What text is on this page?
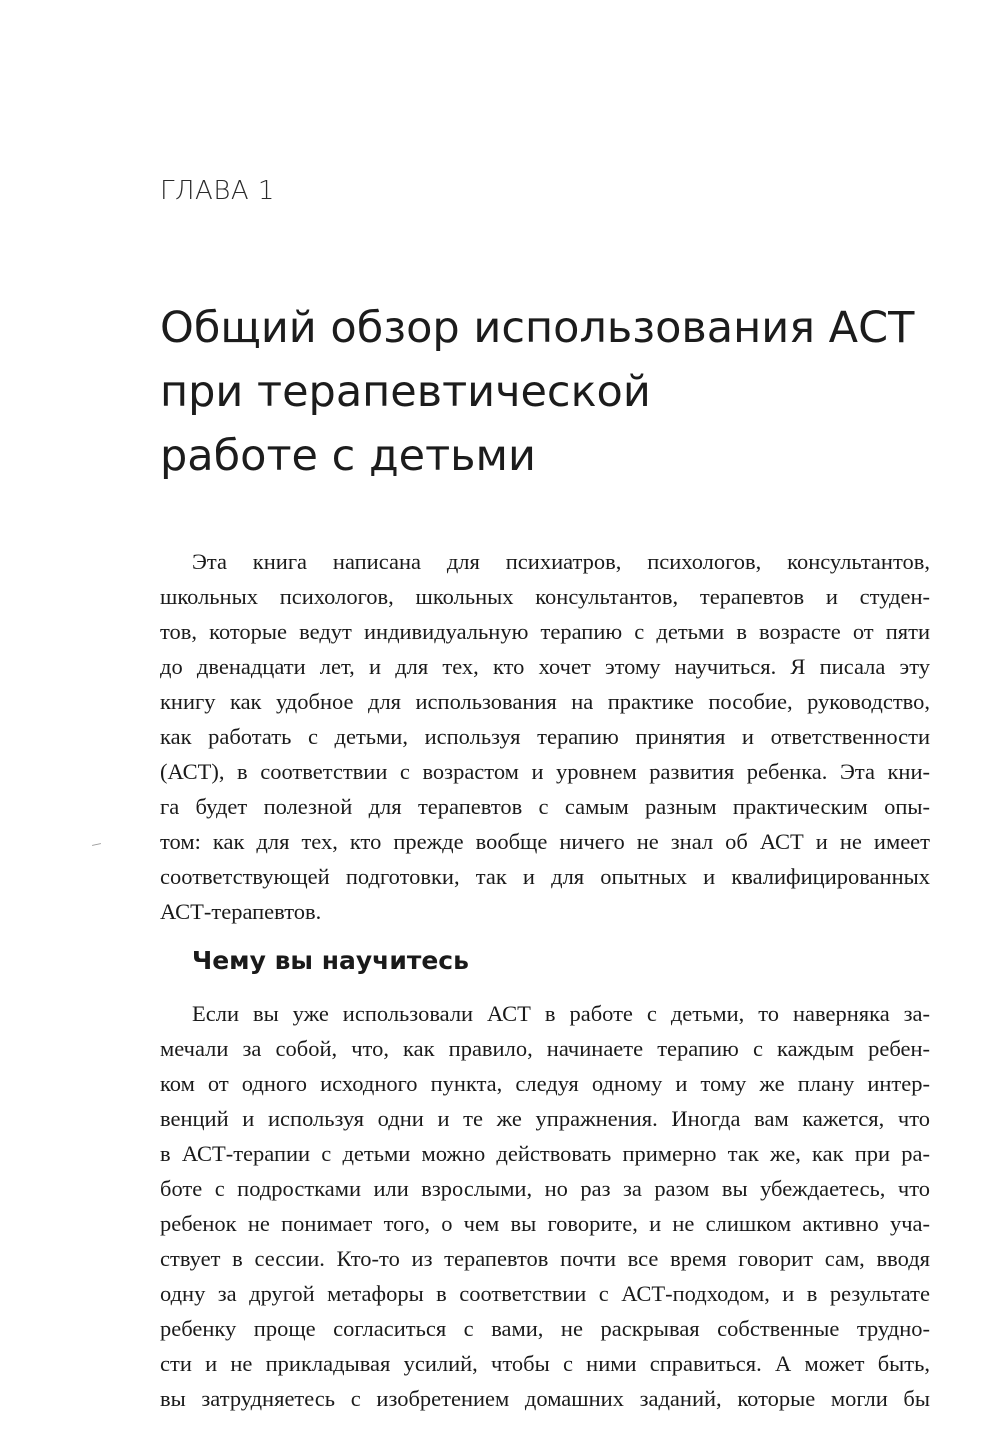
ГЛАВА 1
Общий обзор использования АСТ
при терапевтической
работе с детьми
Эта книга написана для психиатров, психологов, консультантов,
школьных психологов, школьных консультантов, терапевтов и студен-
тов, которые ведут индивидуальную терапию с детьми в возрасте от пяти
до двенадцати лет, и для тех, кто хочет этому научиться. Я писала эту
книгу как удобное для использования на практике пособие, руководство,
как работать с детьми, используя терапию принятия и ответственности
(АСТ), в соответствии с возрастом и уровнем развития ребенка. Эта кни-
га будет полезной для терапевтов с самым разным практическим опы-
том: как для тех, кто прежде вообще ничего не знал об АСТ и не имеет
соответствующей подготовки, так и для опытных и квалифицированных
АСТ-терапевтов.
Чему вы научитесь
Если вы уже использовали АСТ в работе с детьми, то наверняка за-
мечали за собой, что, как правило, начинаете терапию с каждым ребен-
ком от одного исходного пункта, следуя одному и тому же плану интер-
венций и используя одни и те же упражнения. Иногда вам кажется, что
в АСТ-терапии с детьми можно действовать примерно так же, как при ра-
боте с подростками или взрослыми, но раз за разом вы убеждаетесь, что
ребенок не понимает того, о чем вы говорите, и не слишком активно уча-
ствует в сессии. Кто-то из терапевтов почти все время говорит сам, вводя
одну за другой метафоры в соответствии с АСТ-подходом, и в результате
ребенку проще согласиться с вами, не раскрывая собственные трудно-
сти и не прикладывая усилий, чтобы с ними справиться. А может быть,
вы затрудняетесь с изобретением домашних заданий, которые могли бы
